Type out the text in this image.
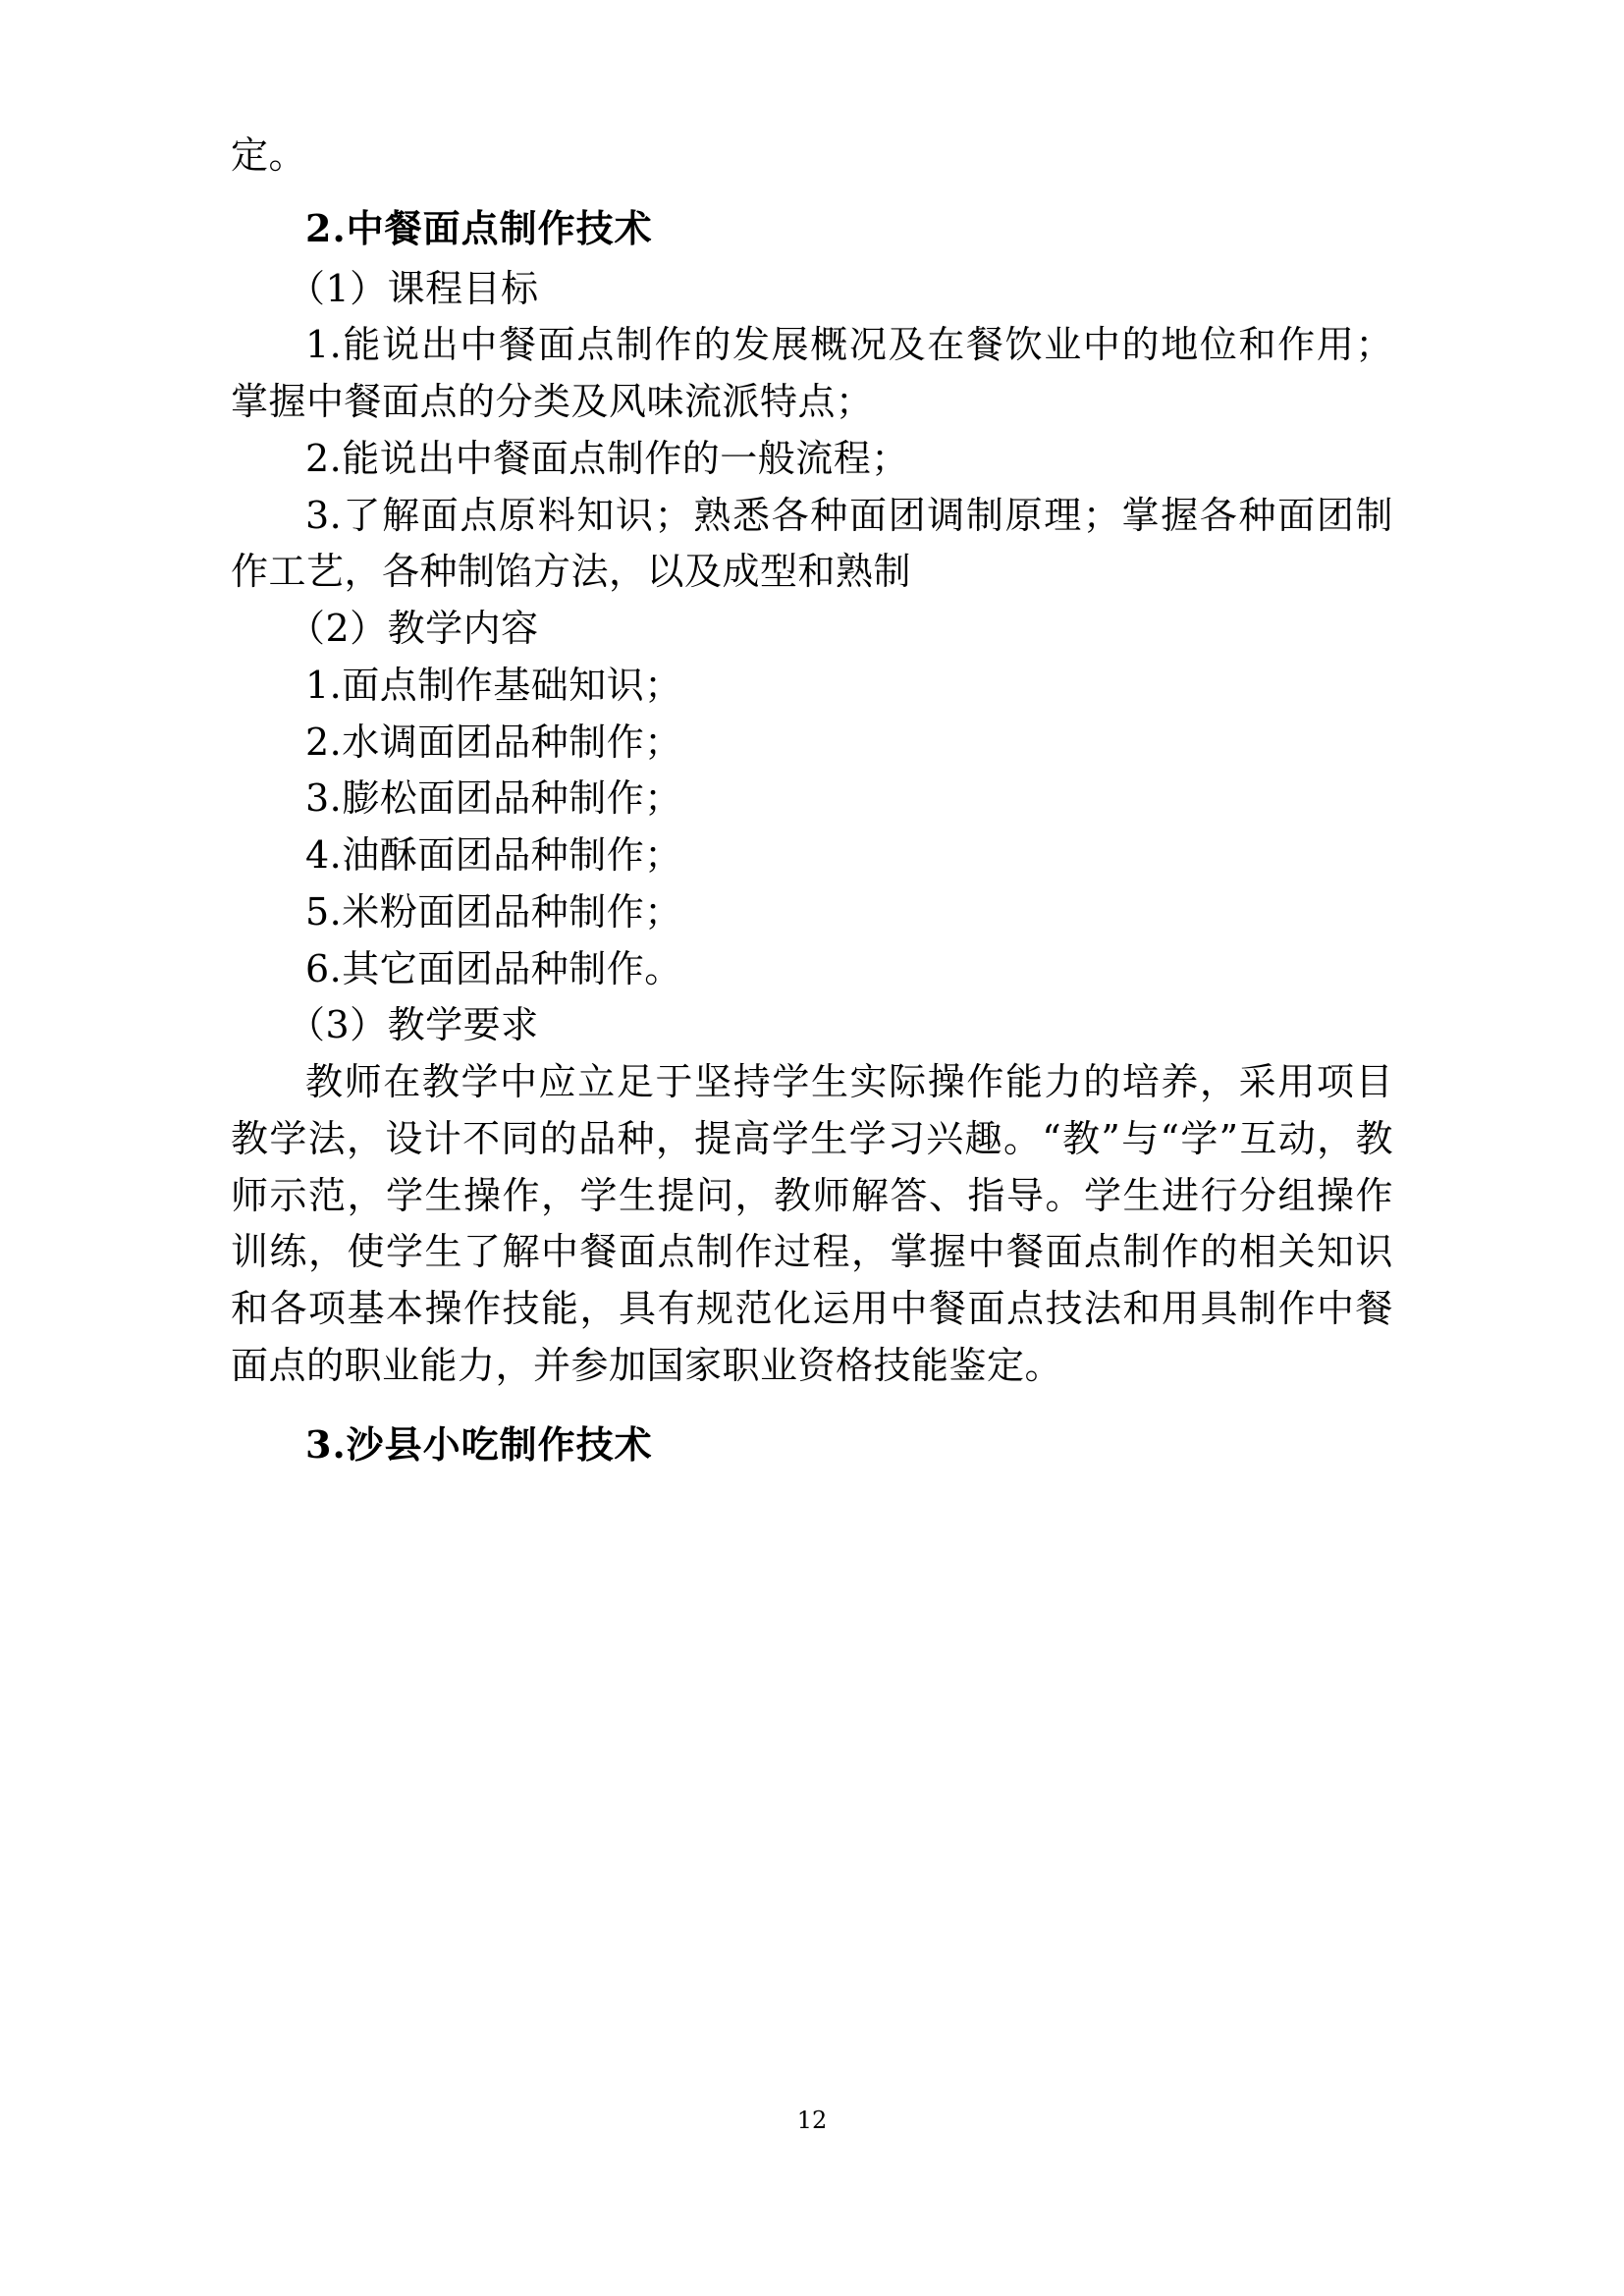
定。

2.中餐面点制作技术

（1）课程目标

1.能说出中餐面点制作的发展概况及在餐饮业中的地位和作用；掌握中餐面点的分类及风味流派特点；

2.能说出中餐面点制作的一般流程；

3.了解面点原料知识；熟悉各种面团调制原理；掌握各种面团制作工艺，各种制馅方法，以及成型和熟制

（2）教学内容

1.面点制作基础知识；

2.水调面团品种制作；

3.膨松面团品种制作；

4.油酥面团品种制作；

5.米粉面团品种制作；

6.其它面团品种制作。

（3）教学要求

教师在教学中应立足于坚持学生实际操作能力的培养，采用项目教学法，设计不同的品种，提高学生学习兴趣。“教”与“学”互动，教师示范，学生操作，学生提问，教师解答、指导。学生进行分组操作训练，使学生了解中餐面点制作过程，掌握中餐面点制作的相关知识和各项基本操作技能，具有规范化运用中餐面点技法和用具制作中餐面点的职业能力，并参加国家职业资格技能鉴定。

3.沙县小吃制作技术

12
